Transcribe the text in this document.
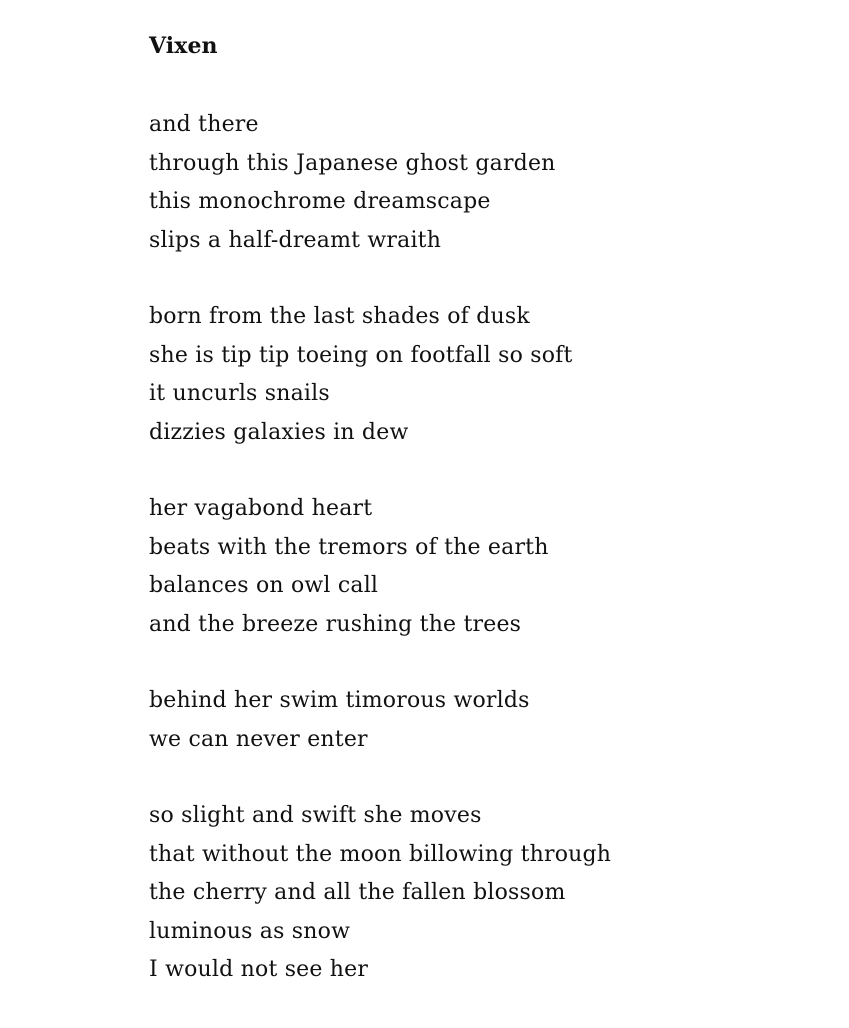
Vixen
and there
through this Japanese ghost garden
this monochrome dreamscape
slips a half-dreamt wraith
born from the last shades of dusk
she is tip tip toeing on footfall so soft
it uncurls snails
dizzies galaxies in dew
her vagabond heart
beats with the tremors of the earth
balances on owl call
and the breeze rushing the trees
behind her swim timorous worlds
we can never enter
so slight and swift she moves
that without the moon billowing through
the cherry and all the fallen blossom
luminous as snow
I would not see her
